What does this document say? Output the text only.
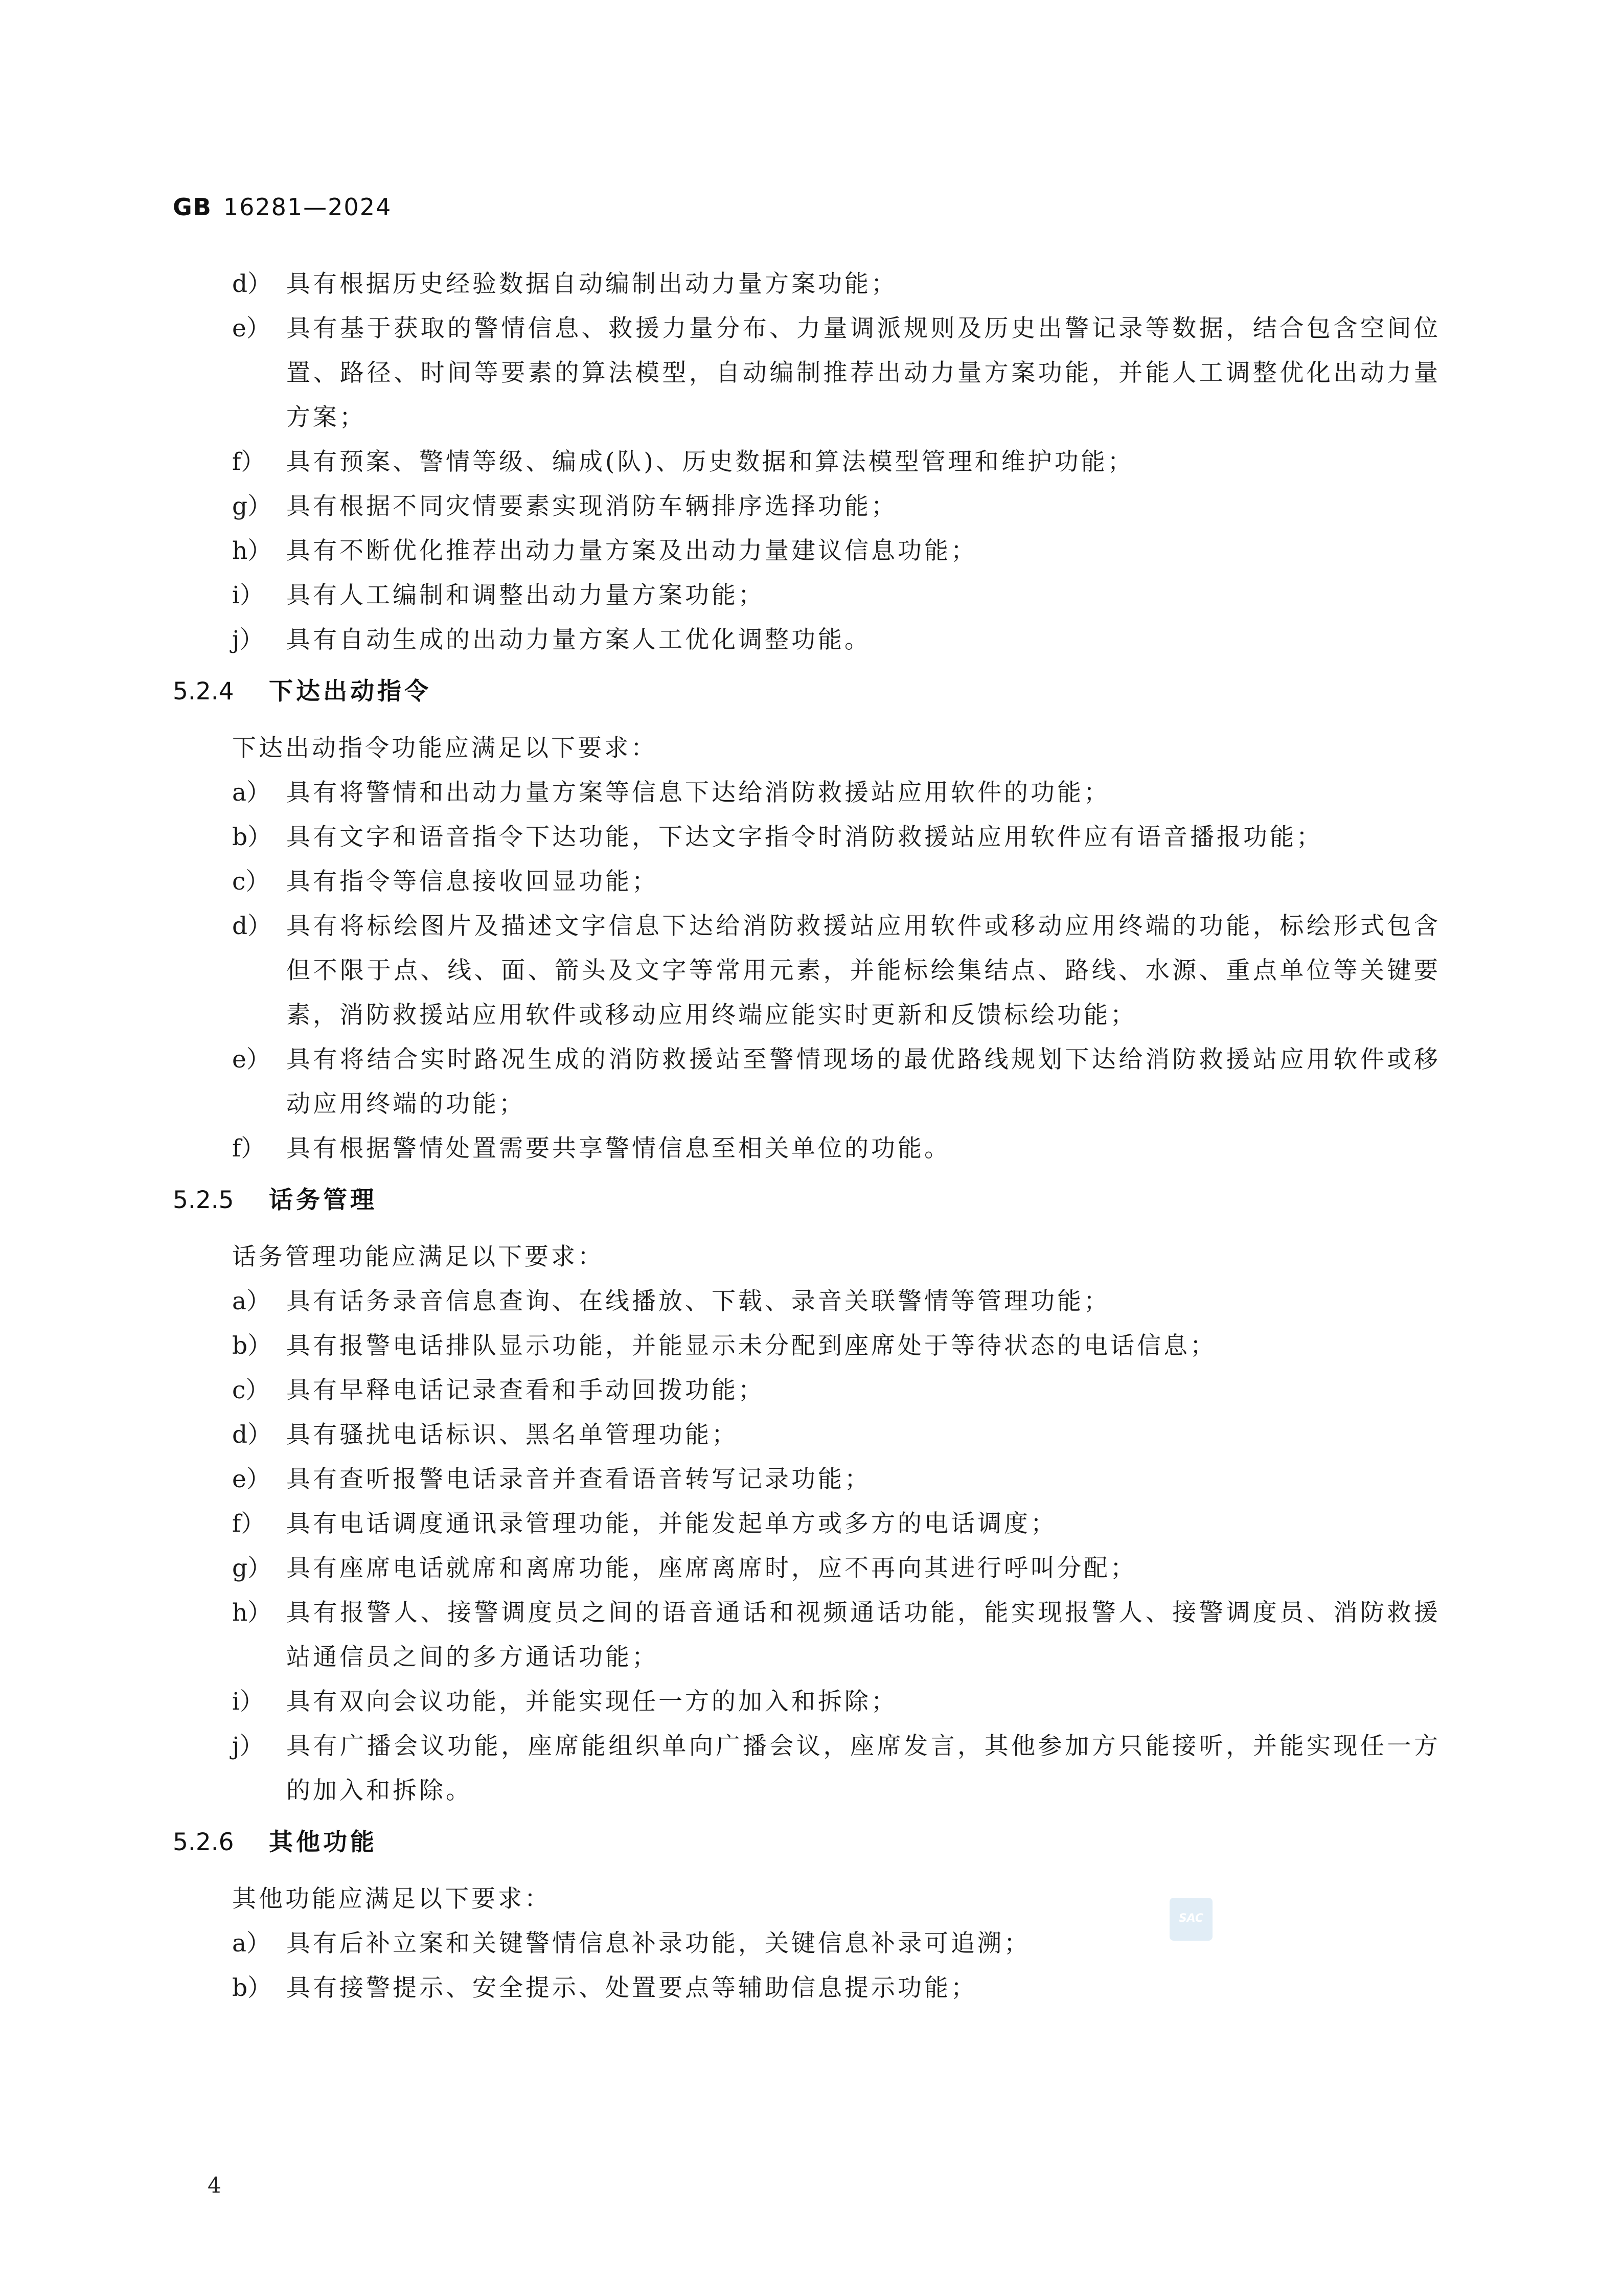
GB 16281—2024
d） 具有根据历史经验数据自动编制出动力量方案功能；
e） 具有基于获取的警情信息、救援力量分布、力量调派规则及历史出警记录等数据，结合包含空间位置、路径、时间等要素的算法模型，自动编制推荐出动力量方案功能，并能人工调整优化出动力量方案；
f） 具有预案、警情等级、编成(队)、历史数据和算法模型管理和维护功能；
g） 具有根据不同灾情要素实现消防车辆排序选择功能；
h） 具有不断优化推荐出动力量方案及出动力量建议信息功能；
i） 具有人工编制和调整出动力量方案功能；
j） 具有自动生成的出动力量方案人工优化调整功能。
5.2.4 下达出动指令
下达出动指令功能应满足以下要求：
a） 具有将警情和出动力量方案等信息下达给消防救援站应用软件的功能；
b） 具有文字和语音指令下达功能，下达文字指令时消防救援站应用软件应有语音播报功能；
c） 具有指令等信息接收回显功能；
d） 具有将标绘图片及描述文字信息下达给消防救援站应用软件或移动应用终端的功能，标绘形式包含但不限于点、线、面、箭头及文字等常用元素，并能标绘集结点、路线、水源、重点单位等关键要素，消防救援站应用软件或移动应用终端应能实时更新和反馈标绘功能；
e） 具有将结合实时路况生成的消防救援站至警情现场的最优路线规划下达给消防救援站应用软件或移动应用终端的功能；
f） 具有根据警情处置需要共享警情信息至相关单位的功能。
5.2.5 话务管理
话务管理功能应满足以下要求：
a） 具有话务录音信息查询、在线播放、下载、录音关联警情等管理功能；
b） 具有报警电话排队显示功能，并能显示未分配到座席处于等待状态的电话信息；
c） 具有早释电话记录查看和手动回拨功能；
d） 具有骚扰电话标识、黑名单管理功能；
e） 具有查听报警电话录音并查看语音转写记录功能；
f） 具有电话调度通讯录管理功能，并能发起单方或多方的电话调度；
g） 具有座席电话就席和离席功能，座席离席时，应不再向其进行呼叫分配；
h） 具有报警人、接警调度员之间的语音通话和视频通话功能，能实现报警人、接警调度员、消防救援站通信员之间的多方通话功能；
i） 具有双向会议功能，并能实现任一方的加入和拆除；
j） 具有广播会议功能，座席能组织单向广播会议，座席发言，其他参加方只能接听，并能实现任一方的加入和拆除。
5.2.6 其他功能
其他功能应满足以下要求：
a） 具有后补立案和关键警情信息补录功能，关键信息补录可追溯；
b） 具有接警提示、安全提示、处置要点等辅助信息提示功能；
SAC
4
